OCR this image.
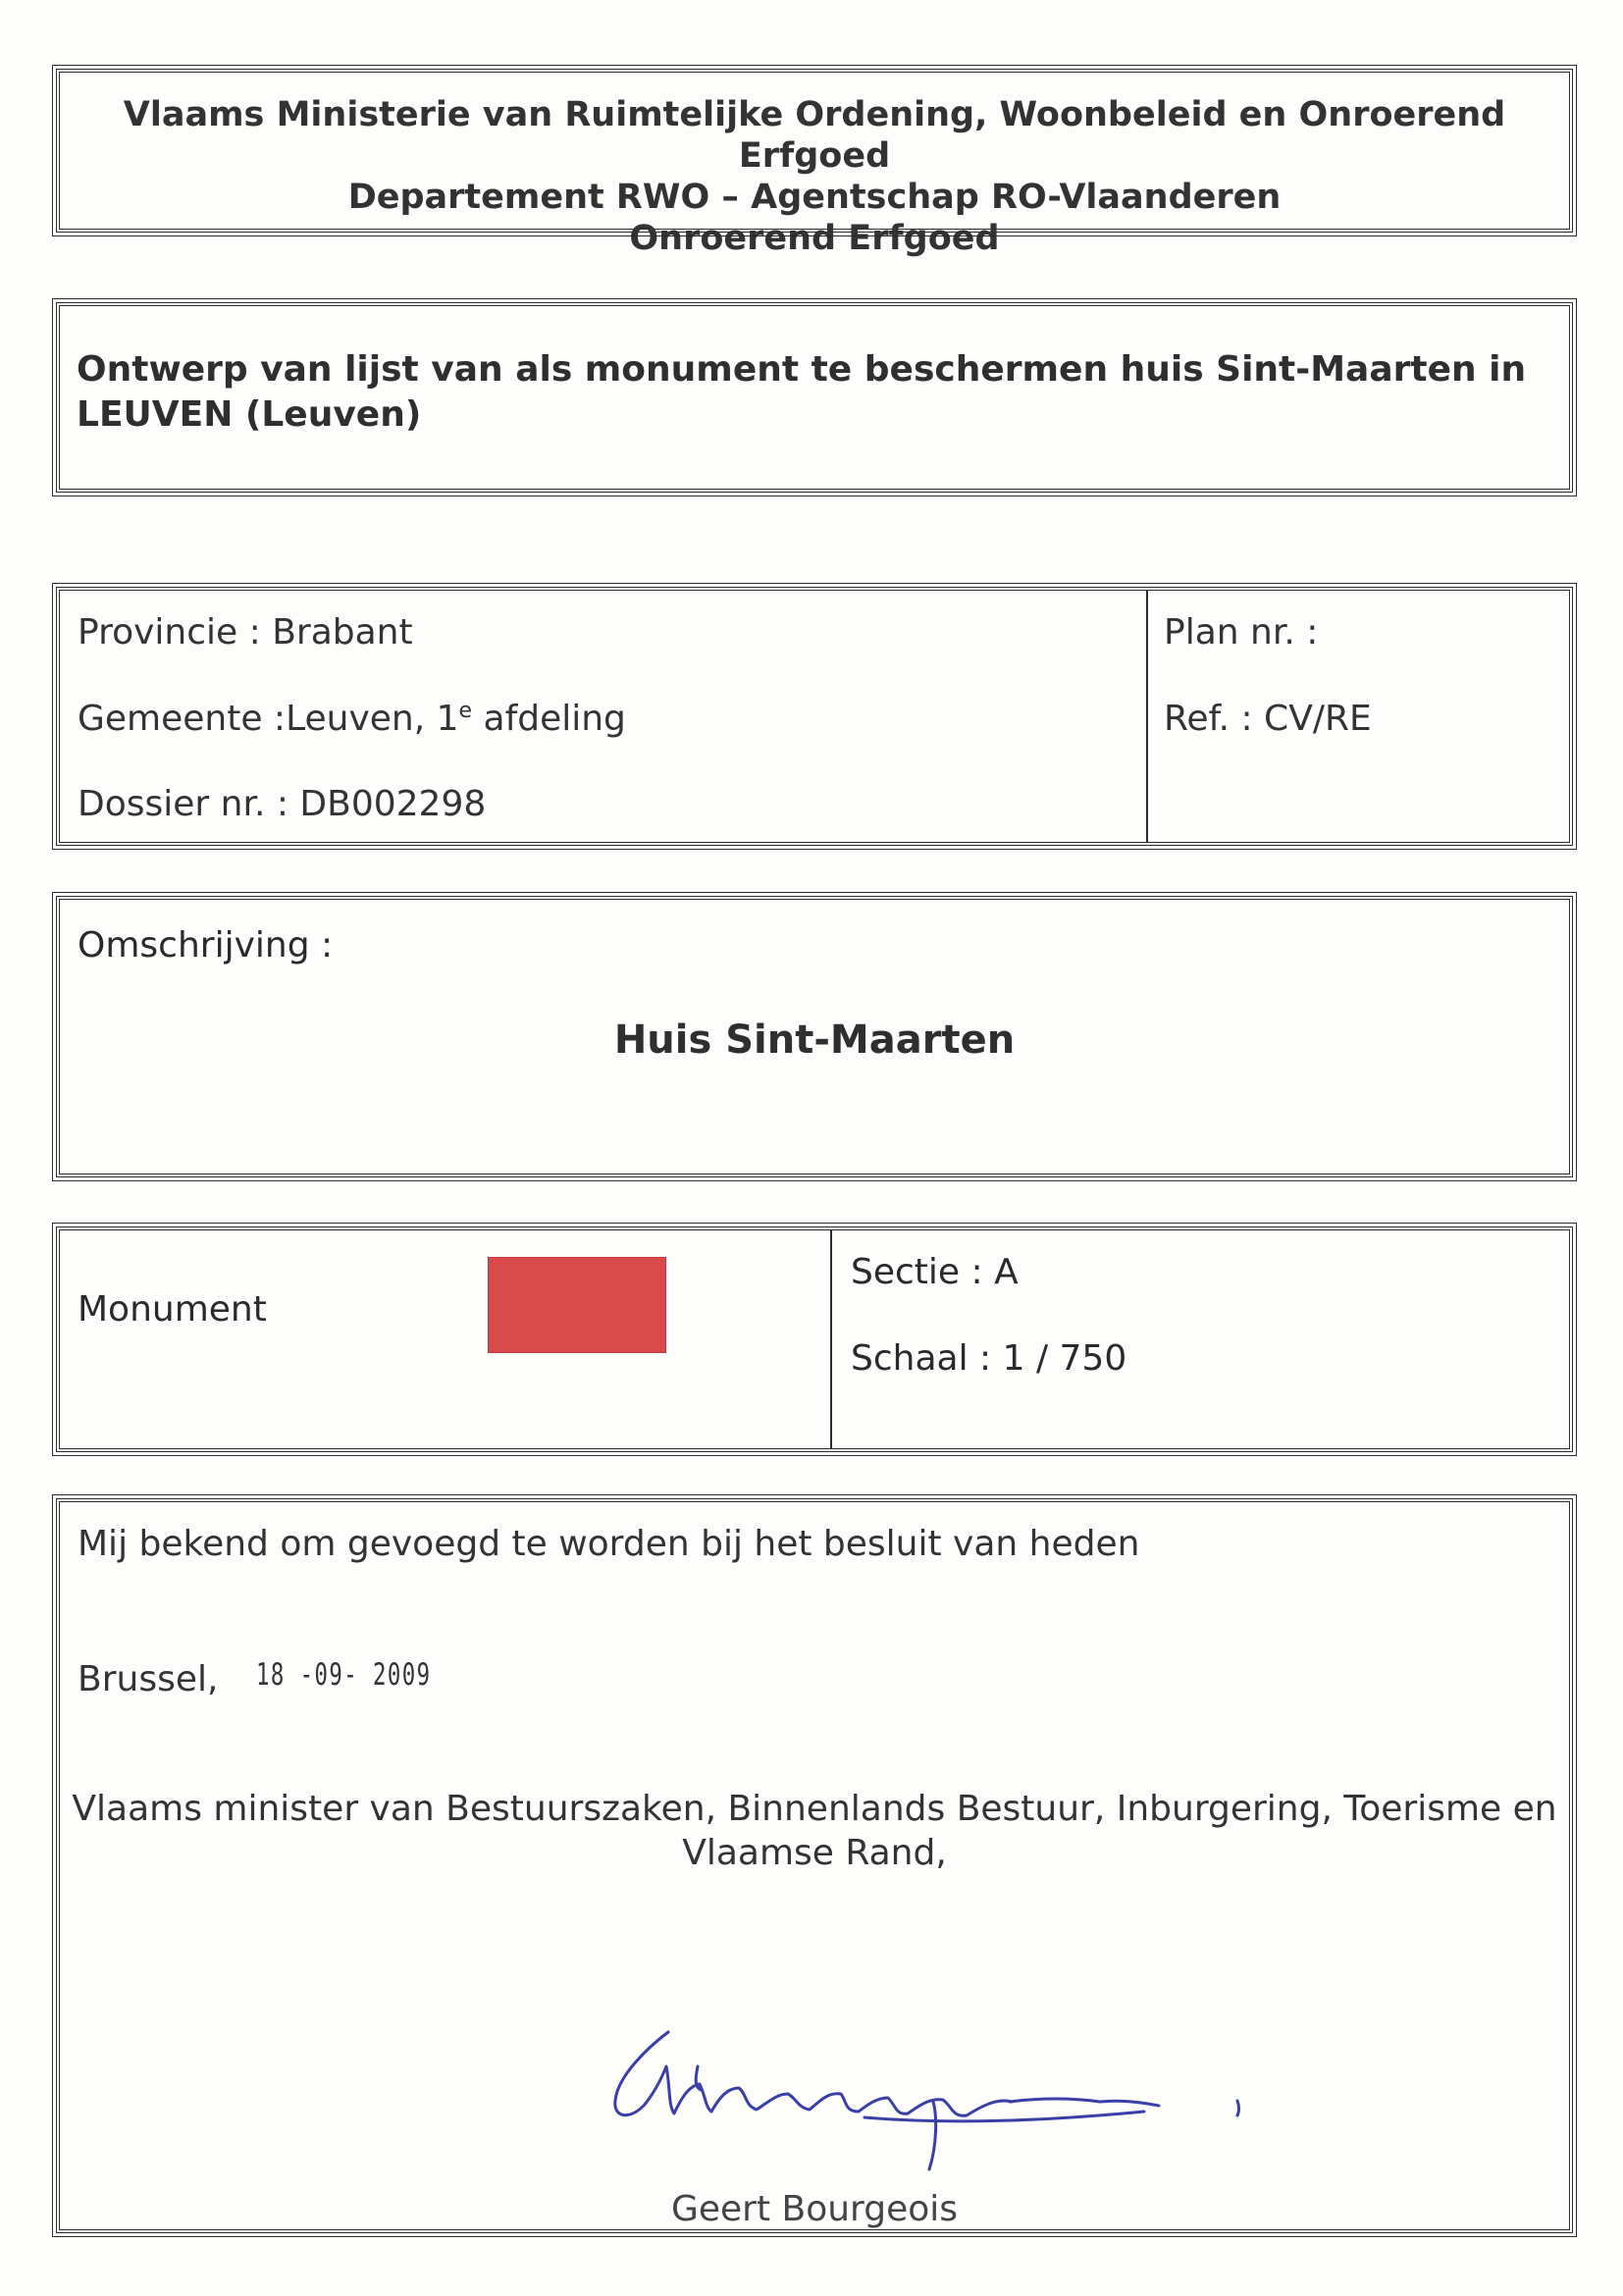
Vlaams Ministerie van Ruimtelijke Ordening, Woonbeleid en Onroerend Erfgoed
Departement RWO – Agentschap RO-Vlaanderen
Onroerend Erfgoed
Ontwerp van lijst van als monument te beschermen huis Sint-Maarten in LEUVEN (Leuven)
Provincie : Brabant
Gemeente :Leuven, 1e afdeling
Dossier nr. : DB002298
Plan nr. :
Ref. : CV/RE
Omschrijving :
Huis Sint-Maarten
Monument
Sectie : A
Schaal : 1 / 750
Mij bekend om gevoegd te worden bij het besluit van heden
Brussel, 18 -09- 2009
Vlaams minister van Bestuurszaken, Binnenlands Bestuur, Inburgering, Toerisme en
Vlaamse Rand,
Geert Bourgeois
